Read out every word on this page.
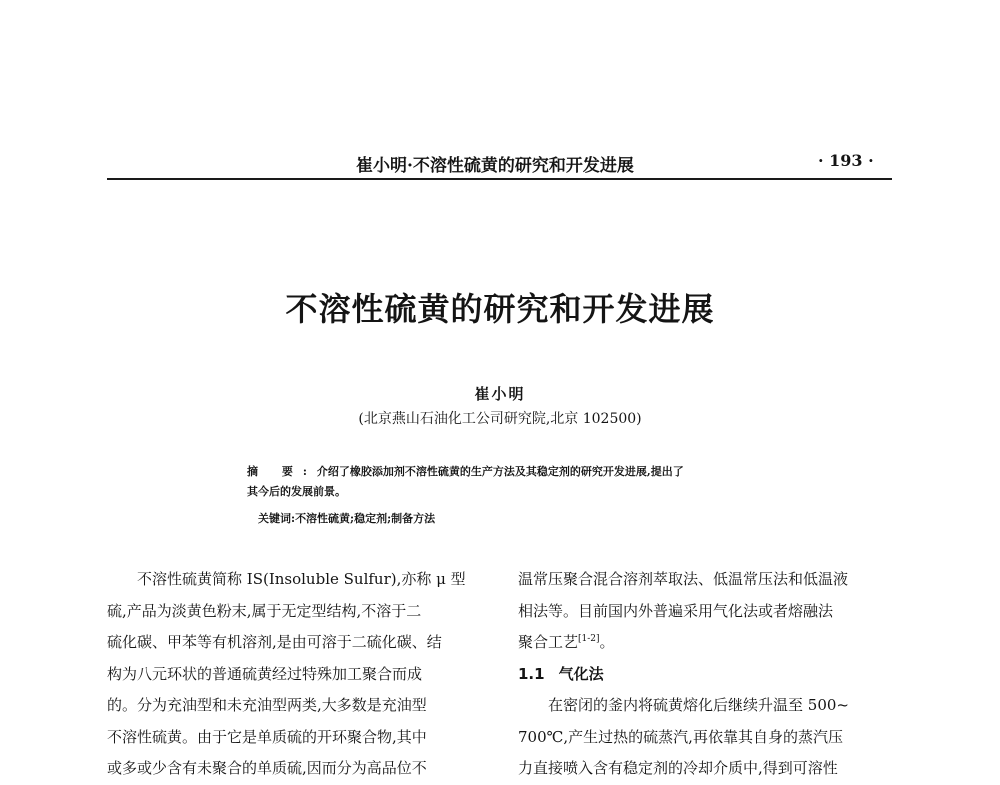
崔小明·不溶性硫黄的研究和开发进展	· 193 ·
不溶性硫黄的研究和开发进展
崔小明
(北京燕山石油化工公司研究院,北京 102500)

摘 要:介绍了橡胶添加剂不溶性硫黄的生产方法及其稳定剂的研究开发进展,提出了

其今后的发展前景。

关键词:不溶性硫黄;稳定剂;制备方法
不溶性硫黄简称 IS(Insoluble Sulfur),亦称 μ 型
硫,产品为淡黄色粉末,属于无定型结构,不溶于二
硫化碳、甲苯等有机溶剂,是由可溶于二硫化碳、结
构为八元环状的普通硫黄经过特殊加工聚合而成
的。分为充油型和未充油型两类,大多数是充油型
不溶性硫黄。由于它是单质硫的开环聚合物,其中
或多或少含有未聚合的单质硫,因而分为高品位不
温常压聚合混合溶剂萃取法、低温常压法和低温液
相法等。目前国内外普遍采用气化法或者熔融法
聚合工艺[1-2]。
1.1 气化法
在密闭的釜内将硫黄熔化后继续升温至 500~
700℃,产生过热的硫蒸汽,再依靠其自身的蒸汽压
力直接喷入含有稳定剂的冷却介质中,得到可溶性
